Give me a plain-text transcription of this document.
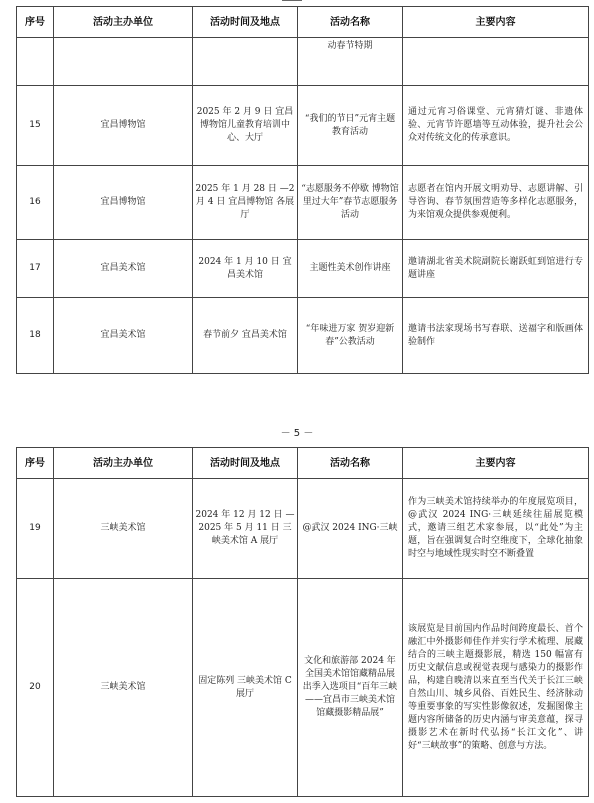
序号	活动主办单位	活动时间及地点	活动名称	主要内容
			动春节特期	
15	宜昌博物馆	2025 年 2 月 9 日 宜昌博物馆儿童教育培训中心、大厅	“我们的节日”元宵主题教育活动	通过元宵习俗课堂、元宵猜灯谜、非遗体验、元宵节许愿墙等互动体验，提升社会公众对传统文化的传承意识。
16	宜昌博物馆	2025 年 1 月 28 日 —2 月 4 日 宜昌博物馆 各展厅	“志愿服务不停歇 博物馆里过大年”春节志愿服务活动	志愿者在馆内开展文明劝导、志愿讲解、引导咨询、春节氛围营造等多样化志愿服务，为来馆观众提供参观便利。
17	宜昌美术馆	2024 年 1 月 10 日 宜昌美术馆	主题性美术创作讲座	邀请湖北省美术院副院长谢跃虹到馆进行专题讲座
18	宜昌美术馆	春节前夕 宜昌美术馆	“年味进万家 贺岁迎新春”公教活动	邀请书法家现场书写春联、送福字和版画体验制作
－ 5 －
序号	活动主办单位	活动时间及地点	活动名称	主要内容
19	三峡美术馆	2024 年 12 月 12 日 —2025 年 5 月 11 日 三峡美术馆 A 展厅	@武汉 2024 ING·三峡	作为三峡美术馆持续举办的年度展览项目，@武汉 2024 ING·三峡延续往届展览模式，邀请三组艺术家参展，以“此处”为主题，旨在强调复合时空维度下，全球化抽象时空与地域性现实时空不断叠置
20	三峡美术馆	固定陈列 三峡美术馆 C 展厅	文化和旅游部 2024 年全国美术馆馆藏精品展出季入选项目“百年三峡——宜昌市三峡美术馆馆藏摄影精品展”	该展览是目前国内作品时间跨度最长、首个融汇中外摄影师佳作并实行学术梳理、展藏结合的三峡主题摄影展，精选 150 幅富有历史文献信息或视觉表现与感染力的摄影作品，构建自晚清以来直至当代关于长江三峡自然山川、城乡风俗、百姓民生、经济脉动等重要事象的写实性影像叙述，发掘图像主题内容所储备的历史内涵与审美意蕴，探寻摄影艺术在新时代弘扬“长江文化”、讲好“三峡故事”的策略、创意与方法。
